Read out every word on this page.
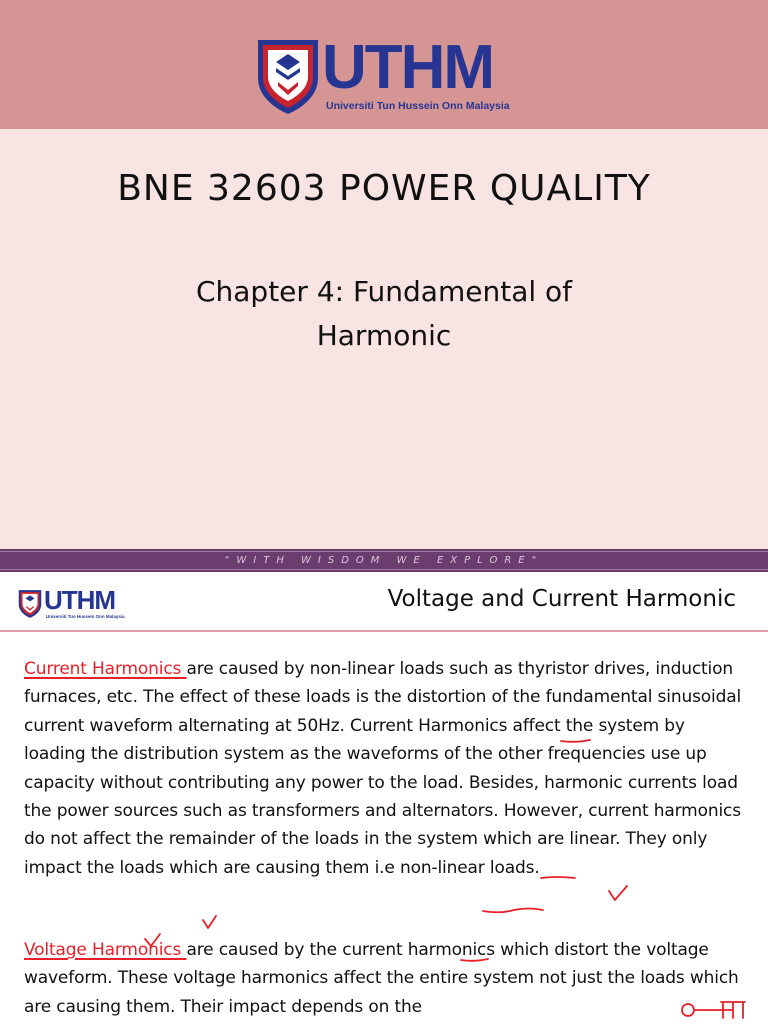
UTHM
Universiti Tun Hussein Onn Malaysia
BNE 32603 POWER QUALITY
Chapter 4: Fundamental of
Harmonic
"WITH WISDOM WE EXPLORE"
UTHM
Universiti Tun Hussein Onn Malaysia
Voltage and Current Harmonic

Current Harmonics are caused by non-linear loads such as thyristor drives, induction furnaces, etc. The effect of these loads is the distortion of the fundamental sinusoidal current waveform alternating at 50Hz. Current Harmonics affect the system by loading the distribution system as the waveforms of the other frequencies use up capacity without contributing any power to the load. Besides, harmonic currents load the power sources such as transformers and alternators. However, current harmonics do not affect the remainder of the loads in the system which are linear. They only impact the loads which are causing them i.e non-linear loads.

Voltage Harmonics are caused by the current harmonics which distort the voltage waveform. These voltage harmonics affect the entire system not just the loads which are causing them. Their impact depends on the
